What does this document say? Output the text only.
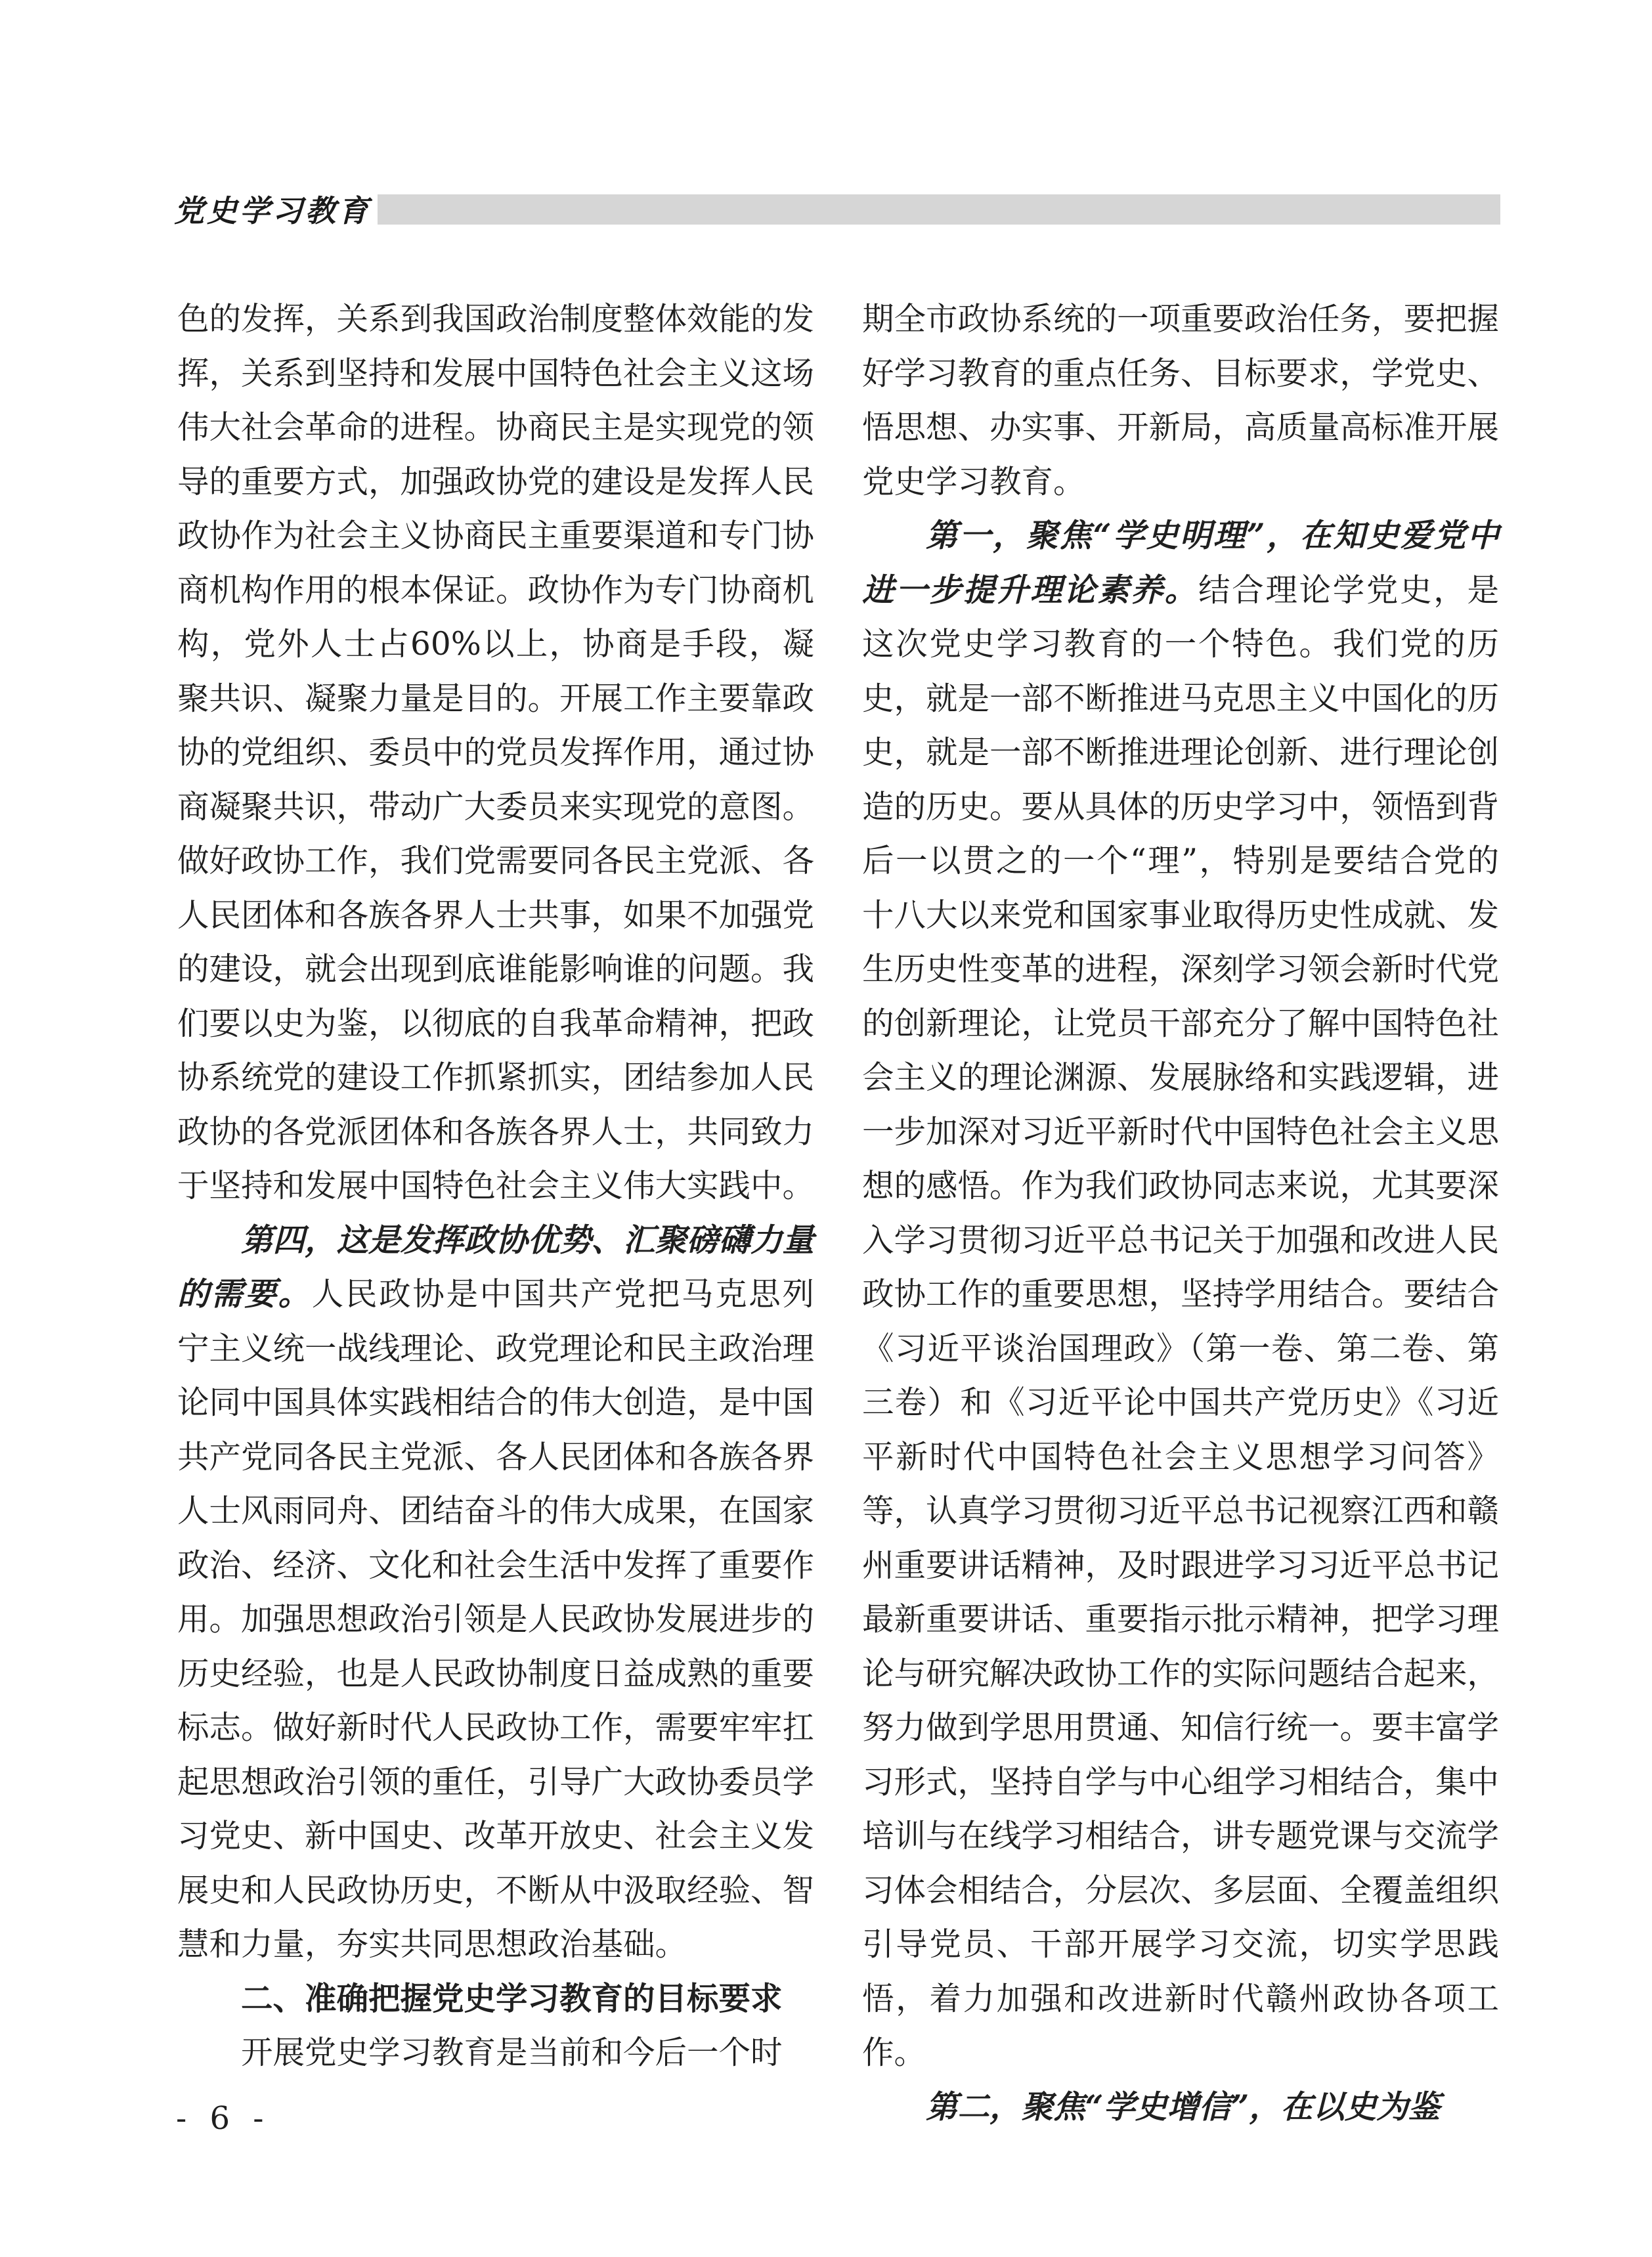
党史学习教育

色的发挥，关系到我国政治制度整体效能的发挥，关系到坚持和发展中国特色社会主义这场伟大社会革命的进程。协商民主是实现党的领导的重要方式，加强政协党的建设是发挥人民政协作为社会主义协商民主重要渠道和专门协商机构作用的根本保证。政协作为专门协商机构，党外人士占60%以上，协商是手段，凝聚共识、凝聚力量是目的。开展工作主要靠政协的党组织、委员中的党员发挥作用，通过协商凝聚共识，带动广大委员来实现党的意图。做好政协工作，我们党需要同各民主党派、各人民团体和各族各界人士共事，如果不加强党的建设，就会出现到底谁能影响谁的问题。我们要以史为鉴，以彻底的自我革命精神，把政协系统党的建设工作抓紧抓实，团结参加人民政协的各党派团体和各族各界人士，共同致力于坚持和发展中国特色社会主义伟大实践中。

第四，这是发挥政协优势、汇聚磅礴力量的需要。人民政协是中国共产党把马克思列宁主义统一战线理论、政党理论和民主政治理论同中国具体实践相结合的伟大创造，是中国共产党同各民主党派、各人民团体和各族各界人士风雨同舟、团结奋斗的伟大成果，在国家政治、经济、文化和社会生活中发挥了重要作用。加强思想政治引领是人民政协发展进步的历史经验，也是人民政协制度日益成熟的重要标志。做好新时代人民政协工作，需要牢牢扛起思想政治引领的重任，引导广大政协委员学习党史、新中国史、改革开放史、社会主义发展史和人民政协历史，不断从中汲取经验、智慧和力量，夯实共同思想政治基础。

二、准确把握党史学习教育的目标要求

开展党史学习教育是当前和今后一个时

期全市政协系统的一项重要政治任务，要把握好学习教育的重点任务、目标要求，学党史、悟思想、办实事、开新局，高质量高标准开展党史学习教育。

第一，聚焦“学史明理”，在知史爱党中进一步提升理论素养。结合理论学党史，是这次党史学习教育的一个特色。我们党的历史，就是一部不断推进马克思主义中国化的历史，就是一部不断推进理论创新、进行理论创造的历史。要从具体的历史学习中，领悟到背后一以贯之的一个“理”，特别是要结合党的十八大以来党和国家事业取得历史性成就、发生历史性变革的进程，深刻学习领会新时代党的创新理论，让党员干部充分了解中国特色社会主义的理论渊源、发展脉络和实践逻辑，进一步加深对习近平新时代中国特色社会主义思想的感悟。作为我们政协同志来说，尤其要深入学习贯彻习近平总书记关于加强和改进人民政协工作的重要思想，坚持学用结合。要结合《习近平谈治国理政》（第一卷、第二卷、第三卷）和《习近平论中国共产党历史》《习近平新时代中国特色社会主义思想学习问答》等，认真学习贯彻习近平总书记视察江西和赣州重要讲话精神，及时跟进学习习近平总书记最新重要讲话、重要指示批示精神，把学习理论与研究解决政协工作的实际问题结合起来，努力做到学思用贯通、知信行统一。要丰富学习形式，坚持自学与中心组学习相结合，集中培训与在线学习相结合，讲专题党课与交流学习体会相结合，分层次、多层面、全覆盖组织引导党员、干部开展学习交流，切实学思践悟，着力加强和改进新时代赣州政协各项工作。

第二，聚焦“学史增信”，在以史为鉴

- 6 -
